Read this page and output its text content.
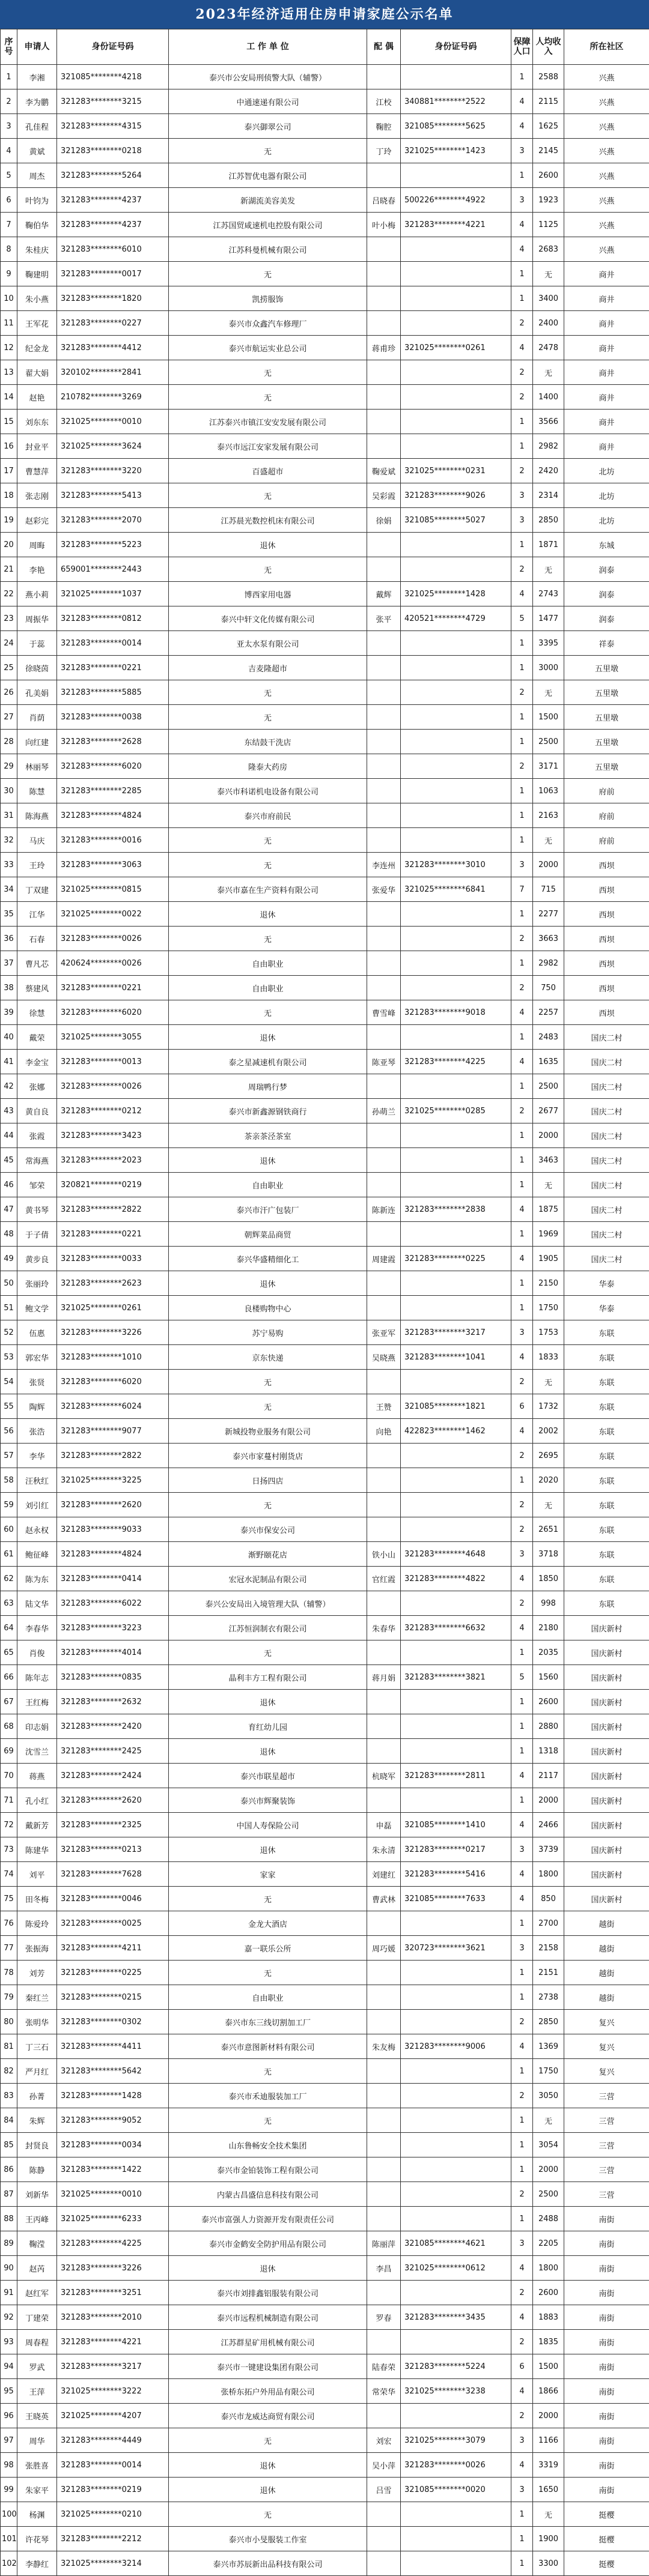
2023年经济适用住房申请家庭公示名单
序号	申请人	身份证号码	工 作 单 位	配 偶	身份证号码	保障人口	人均收入	所在社区
1	李湘	321085********4218	泰兴市公安局刑侦警大队（辅警）			1	2588	兴燕
2	李为鹏	321283********3215	中通速递有限公司	江校	340881********2522	4	2115	兴燕
3	孔佳程	321283********4315	泰兴御翠公司	鞠腔	321085********5625	4	1625	兴燕
4	黄斌	321283********0218	无	丁玲	321025********1423	3	2145	兴燕
5	周杰	321283********5264	江苏智优电器有限公司			1	2600	兴燕
6	叶钧为	321283********4237	新湖流美容美发	吕晓春	500226********4922	3	1923	兴燕
7	鞠伯华	321283********4237	江苏国贸咸速机电控股有限公司	叶小梅	321283********4221	4	1125	兴燕
8	朱桂庆	321283********6010	江苏科曼机械有限公司			4	2683	兴燕
9	鞠建明	321283********0017	无			1	无	商井
10	朱小燕	321283********1820	凯捞服饰			1	3400	商井
11	王军花	321283********0227	泰兴市众鑫汽车修理厂			2	2400	商井
12	纪金龙	321283********4412	泰兴市航运实业总公司	蒋甫珍	321025********0261	4	2478	商井
13	翟大娟	320102********2841	无			2	无	商井
14	赵艳	210782********3269	无			2	1400	商井
15	刘东东	321025********0010	江苏泰兴市镇江安安发展有限公司			1	3566	商井
16	封业平	321025********3624	泰兴市远江安家发展有限公司			1	2982	商井
17	曹慧萍	321283********3220	百盛超市	鞠爱斌	321025********0231	2	2420	北坊
18	张志刚	321283********5413	无	吴彩霞	321283********9026	3	2314	北坊
19	赵彩完	321283********2070	江苏晨光数控机床有限公司	徐娟	321085********5027	3	2850	北坊
20	周晦	321283********5223	退休			1	1871	东城
21	李艳	659001********2443	无			2	无	润泰
22	燕小莉	321025********1037	博西家用电器	戴辉	321025********1428	4	2743	润泰
23	周振华	321283********0812	泰兴中轩文化传媒有限公司	张平	420521********4729	5	1477	润泰
24	于蕊	321283********0014	亚太水泵有限公司			1	3395	祥泰
25	徐晓茵	321283********0221	吉麦隆超市			1	3000	五里墩
26	孔美娟	321283********5885	无			2	无	五里墩
27	肖荫	321283********0038	无			1	1500	五里墩
28	向红建	321283********2628	东结鼓干洗店			1	2500	五里墩
29	林丽琴	321283********6020	隆泰大药房			2	3171	五里墩
30	陈慧	321283********2285	泰兴市科诺机电设备有限公司			1	1063	府前
31	陈海燕	321283********4824	泰兴市府前民			1	2163	府前
32	马庆	321283********0016	无			1	无	府前
33	王玲	321283********3063	无	李连州	321283********3010	3	2000	西坝
34	丁双建	321025********0815	泰兴市嘉在生产资料有限公司	张爱华	321025********6841	7	715	西坝
35	江华	321025********0022	退休			1	2277	西坝
36	石春	321283********0026	无			2	3663	西坝
37	曹凡芯	420624********0026	自由职业			1	2982	西坝
38	蔡建风	321283********0221	自由职业			2	750	西坝
39	徐慧	321283********6020	无	曹雪峰	321283********9018	4	2257	西坝
40	戴荣	321025********3055	退休			1	2483	国庆二村
41	李金宝	321283********0013	泰之星减速机有限公司	陈亚琴	321283********4225	4	1635	国庆二村
42	张娜	321283********0026	周瑞鸭行梦			1	2500	国庆二村
43	黄自良	321283********0212	泰兴市新鑫源钢铁商行	孙萌兰	321025********0285	2	2677	国庆二村
44	张霞	321283********3423	茶亲茶泾茶室			1	2000	国庆二村
45	常海燕	321283********2023	退休			1	3463	国庆二村
46	邹荣	320821********0219	自由职业			1	无	国庆二村
47	黄书琴	321283********2822	泰兴市汗广包装厂	陈新连	321283********2838	4	1875	国庆二村
48	于子倩	321283********0221	朝辉菜品商贸			1	1969	国庆二村
49	黄步良	321283********0033	泰兴华盛精细化工	周建霞	321283********0225	4	1905	国庆二村
50	张丽玲	321283********2623	退休			1	2150	华泰
51	鲍文学	321025********0261	良楼购物中心			1	1750	华泰
52	伍惠	321283********3226	苏宁易购	张亚军	321283********3217	3	1753	东联
53	郭宏华	321283********1010	京东快递	吴晓燕	321283********1041	4	1833	东联
54	张贤	321283********6020	无			2	无	东联
55	陶辉	321283********6024	无	王赞	321085********1821	6	1732	东联
56	张浩	321283********9077	新城投物业服务有限公司	向艳	422823********1462	4	2002	东联
57	李华	321283********2822	泰兴市家蔓村刚货店			2	2695	东联
58	汪秋红	321025********3225	日扬四店			1	2020	东联
59	刘引红	321283********2620	无			2	无	东联
60	赵永权	321283********9033	泰兴市保安公司			2	2651	东联
61	鲍征峰	321283********4824	渐野颐花店	铁小山	321283********4648	3	3718	东联
62	陈为东	321283********0414	宏冠水泥制品有限公司	官红霞	321283********4822	4	1850	东联
63	陆文华	321283********6022	泰兴公安局出入境管理大队（辅警）			2	998	东联
64	李春华	321283********3223	江苏恒润制衣有限公司	朱春华	321283********6632	4	2180	国庆新村
65	肖俊	321283********4014	无			1	2035	国庆新村
66	陈年志	321283********0835	晶利丰方工程有限公司	蒋月娟	321283********3821	5	1560	国庆新村
67	王红梅	321283********2632	退休			1	2600	国庆新村
68	印志娟	321283********2420	育红幼儿园			1	2880	国庆新村
69	沈雪兰	321283********2425	退休			1	1318	国庆新村
70	蒋燕	321283********2424	泰兴市联星超市	杭晓军	321283********2811	4	2117	国庆新村
71	孔小红	321283********2620	泰兴市辉聚装饰			1	2000	国庆新村
72	戴新芳	321283********2325	中国人寿保险公司	申磊	321085********1410	4	2466	国庆新村
73	陈建华	321283********0213	退休	朱永清	321283********0217	3	3739	国庆新村
74	刘平	321283********7628	家家	刘建红	321283********5416	4	1800	国庆新村
75	田冬梅	321283********0046	无	曹武林	321085********7633	4	850	国庆新村
76	陈爱玲	321283********0025	金龙大酒店			1	2700	越街
77	张振海	321283********4211	嘉一联乐公所	周巧媛	320723********3621	3	2158	越街
78	刘芳	321283********0225	无			1	2151	越街
79	秦红兰	321283********0215	自由职业			1	2738	越街
80	张明华	321283********0302	泰兴市东三线切割加工厂			2	2850	复兴
81	丁三石	321283********4411	泰兴市意图新材料有限公司	朱友梅	321283********9006	4	1369	复兴
82	严月红	321283********5642	无			1	1750	复兴
83	孙菁	321283********1428	泰兴市禾迪服装加工厂			2	3050	三营
84	朱辉	321283********9052	无			1	无	三营
85	封贤良	321283********0034	山东鲁畅安全技术集团			1	3054	三营
86	陈静	321283********1422	泰兴市金铂装饰工程有限公司			1	2000	三营
87	刘新华	321025********0010	内蒙古昌盛信息科技有限公司			2	2500	三营
88	王丙峰	321025********6233	泰兴市富强人力资源开发有限责任公司			1	2488	南街
89	鞠滢	321283********4225	泰兴市金鹤安全防护用品有限公司	陈丽萍	321085********4621	3	2205	南街
90	赵芮	321283********3226	退休	李昌	321025********0612	4	1800	南街
91	赵红军	321283********3251	泰兴市刘排鑫铝服装有限公司			2	2600	南街
92	丁建荣	321283********2010	泰兴市远程机械制造有限公司	罗春	321283********3435	4	1883	南街
93	周春程	321283********4221	江苏群星矿用机械有限公司			2	1835	南街
94	罗武	321283********3217	泰兴市一键建设集团有限公司	陆春荣	321283********5224	6	1500	南街
95	王萍	321025********3222	张桥东拓户外用品有限公司	常荣华	321025********3238	4	1866	南街
96	王晓英	321025********4207	泰兴市龙威达商贸有限公司			2	2000	南街
97	周华	321283********4449	无	刘宏	321025********3079	3	1166	南街
98	张胜喜	321283********0014	退休	吴小萍	321283********0026	4	3319	南街
99	朱家平	321283********0219	退休	吕雪	321085********0020	3	1650	南街
100	杨渊	321025********0210	无			1	无	挺樱
101	许花琴	321283********2212	泰兴市小旻服装工作室			1	1900	挺樱
102	李静红	321025********3214	泰兴市苏辰新出品科技有限公司			1	3300	挺樱
